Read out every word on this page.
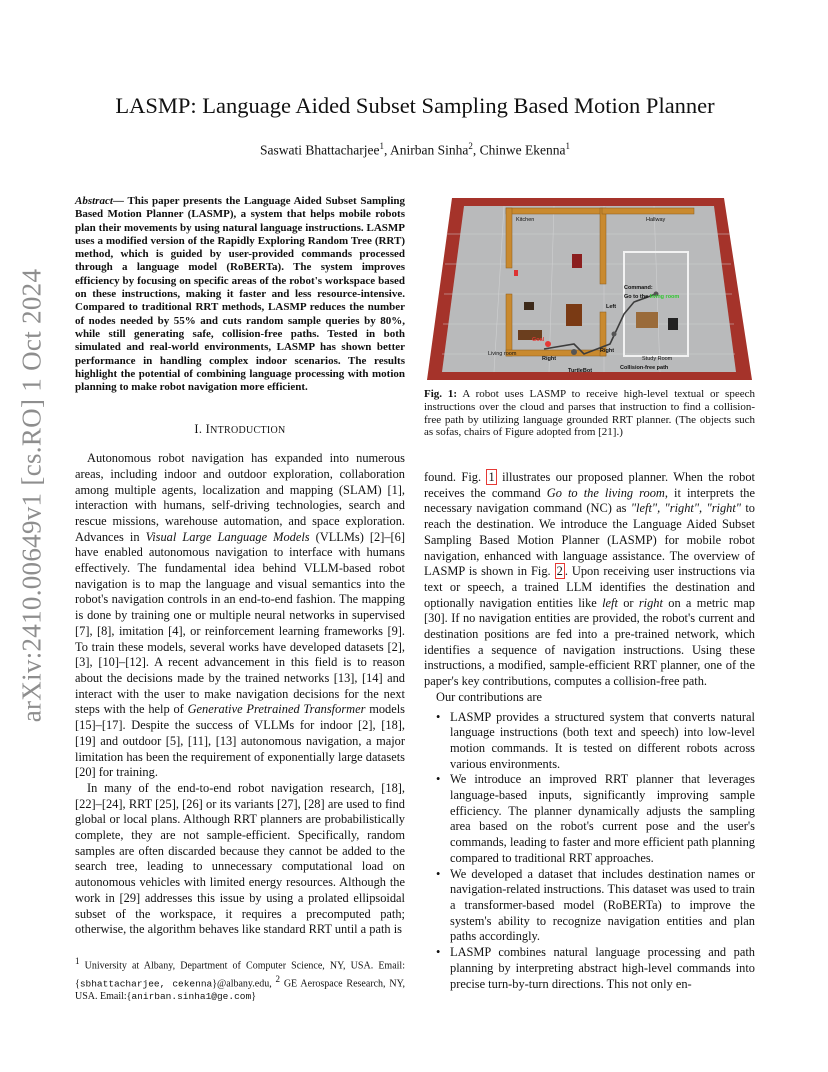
arXiv:2410.00649v1 [cs.RO] 1 Oct 2024
LASMP: Language Aided Subset Sampling Based Motion Planner
Saswati Bhattacharjee$^1$, Anirban Sinha$^2$, Chinwe Ekenna$^1$

Abstract— This paper presents the Language Aided Subset Sampling Based Motion Planner (LASMP), a system that helps mobile robots plan their movements by using natural language instructions. LASMP uses a modified version of the Rapidly Exploring Random Tree (RRT) method, which is guided by user-provided commands processed through a language model (RoBERTa). The system improves efficiency by focusing on specific areas of the robot's workspace based on these instructions, making it faster and less resource-intensive. Compared to traditional RRT methods, LASMP reduces the number of nodes needed by 55% and cuts random sample queries by 80%, while still generating safe, collision-free paths. Tested in both simulated and real-world environments, LASMP has shown better performance in handling complex indoor scenarios. The results highlight the potential of combining language processing with motion planning to make robot navigation more efficient.

I. INTRODUCTION

Autonomous robot navigation has expanded into numerous areas, including indoor and outdoor exploration, collaboration among multiple agents, localization and mapping (SLAM) [1], interaction with humans, self-driving technologies, search and rescue missions, warehouse automation, and space exploration. Advances in Visual Large Language Models (VLLMs) [2]–[6] have enabled autonomous navigation to interface with humans effectively. The fundamental idea behind VLLM-based robot navigation is to map the language and visual semantics into the robot's navigation controls in an end-to-end fashion. The mapping is done by training one or multiple neural networks in supervised [7], [8], imitation [4], or reinforcement learning frameworks [9]. To train these models, several works have developed datasets [2], [3], [10]–[12]. A recent advancement in this field is to reason about the decisions made by the trained networks [13], [14] and interact with the user to make navigation decisions for the next steps with the help of Generative Pretrained Transformer models [15]–[17]. Despite the success of VLLMs for indoor [2], [18], [19] and outdoor [5], [11], [13] autonomous navigation, a major limitation has been the requirement of exponentially large datasets [20] for training.

In many of the end-to-end robot navigation research, [18], [22]–[24], RRT [25], [26] or its variants [27], [28] are used to find global or local plans. Although RRT planners are probabilistically complete, they are not sample-efficient. Specifically, random samples are often discarded because they cannot be added to the search tree, leading to unnecessary computational load on autonomous vehicles with limited energy resources. Although the work in [29] addresses this issue by using a prolated ellipsoidal subset of the workspace, it requires a precomputed path; otherwise, the algorithm behaves like standard RRT until a path is

$^1$ University at Albany, Department of Computer Science, NY, USA. Email:{sbhattacharjee, cekenna}@albany.edu, $^2$ GE Aerospace Research, NY, USA. Email:{anirban.sinha1@ge.com}
Kitchen	Hallway
Command:
Go to the living room
Left
Right
Right
Goal
Living room
Study Room
TurtleBot	Collision-free path
Fig. 1: A robot uses LASMP to receive high-level textual or speech instructions over the cloud and parses that instruction to find a collision-free path by utilizing language grounded RRT planner. (The objects such as sofas, chairs of Figure adopted from [21].)

found. Fig. 1 illustrates our proposed planner. When the robot receives the command Go to the living room, it interprets the necessary navigation command (NC) as "left", "right", "right" to reach the destination. We introduce the Language Aided Subset Sampling Based Motion Planner (LASMP) for mobile robot navigation, enhanced with language assistance. The overview of LASMP is shown in Fig. 2 . Upon receiving user instructions via text or speech, a trained LLM identifies the destination and optionally navigation entities like left or right on a metric map [30]. If no navigation entities are provided, the robot's current and destination positions are fed into a pre-trained network, which identifies a sequence of navigation instructions. Using these instructions, a modified, sample-efficient RRT planner, one of the paper's key contributions, computes a collision-free path.

Our contributions are

• LASMP provides a structured system that converts natural language instructions (both text and speech) into low-level motion commands. It is tested on different robots across various environments.
• We introduce an improved RRT planner that leverages language-based inputs, significantly improving sample efficiency. The planner dynamically adjusts the sampling area based on the robot's current pose and the user's commands, leading to faster and more efficient path planning compared to traditional RRT approaches.
• We developed a dataset that includes destination names or navigation-related instructions. This dataset was used to train a transformer-based model (RoBERTa) to improve the system's ability to recognize navigation entities and plan paths accordingly.
• LASMP combines natural language processing and path planning by interpreting abstract high-level commands into precise turn-by-turn directions. This not only en-
